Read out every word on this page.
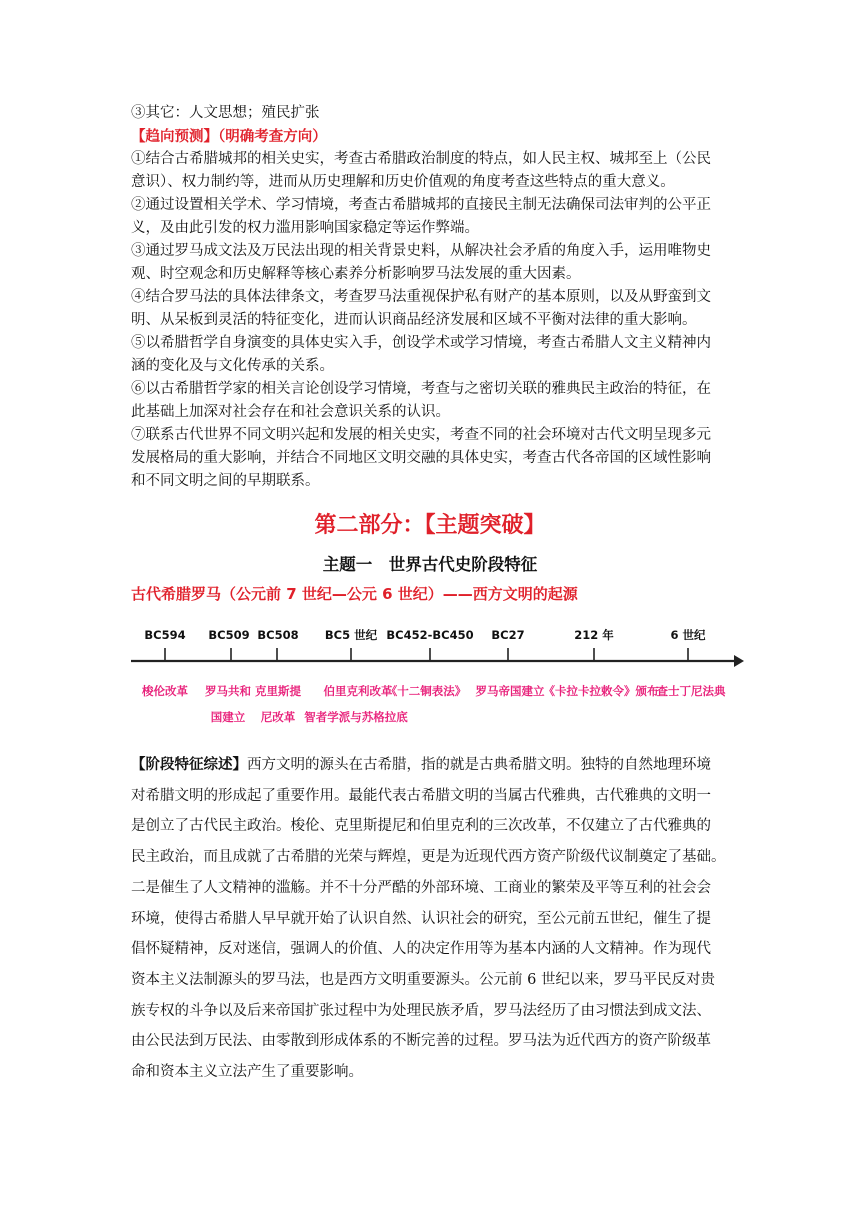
③其它：人文思想；殖民扩张

【趋向预测】（明确考查方向）

①结合古希腊城邦的相关史实，考查古希腊政治制度的特点，如人民主权、城邦至上（公民

意识）、权力制约等，进而从历史理解和历史价值观的角度考查这些特点的重大意义。

②通过设置相关学术、学习情境，考查古希腊城邦的直接民主制无法确保司法审判的公平正

义，及由此引发的权力滥用影响国家稳定等运作弊端。

③通过罗马成文法及万民法出现的相关背景史料，从解决社会矛盾的角度入手，运用唯物史

观、时空观念和历史解释等核心素养分析影响罗马法发展的重大因素。

④结合罗马法的具体法律条文，考查罗马法重视保护私有财产的基本原则，以及从野蛮到文

明、从呆板到灵活的特征变化，进而认识商品经济发展和区域不平衡对法律的重大影响。

⑤以希腊哲学自身演变的具体史实入手，创设学术或学习情境，考查古希腊人文主义精神内

涵的变化及与文化传承的关系。

⑥以古希腊哲学家的相关言论创设学习情境，考查与之密切关联的雅典民主政治的特征，在

此基础上加深对社会存在和社会意识关系的认识。

⑦联系古代世界不同文明兴起和发展的相关史实，考查不同的社会环境对古代文明呈现多元

发展格局的重大影响，并结合不同地区文明交融的具体史实，考查古代各帝国的区域性影响

和不同文明之间的早期联系。

第二部分：【主题突破】
主题一　世界古代史阶段特征
古代希腊罗马（公元前 7 世纪—公元 6 世纪）——西方文明的起源
BC594 BC509 BC508 BC5 世纪 BC452-BC450 BC27	212 年	6 世纪
梭伦改革 罗马共和
国建立
克里斯提
尼改革
伯里克利改革
智者学派与苏格拉底
《十二铜表法》 罗马帝国建立 《卡拉卡拉敕令》颁布
查士丁尼法典

【阶段特征综述】西方文明的源头在古希腊，指的就是古典希腊文明。独特的自然地理环境

对希腊文明的形成起了重要作用。最能代表古希腊文明的当属古代雅典，古代雅典的文明一

是创立了古代民主政治。梭伦、克里斯提尼和伯里克利的三次改革，不仅建立了古代雅典的

民主政治，而且成就了古希腊的光荣与辉煌，更是为近现代西方资产阶级代议制奠定了基础。

二是催生了人文精神的滥觞。并不十分严酷的外部环境、工商业的繁荣及平等互利的社会会

环境，使得古希腊人早早就开始了认识自然、认识社会的研究，至公元前五世纪，催生了提

倡怀疑精神，反对迷信，强调人的价值、人的决定作用等为基本内涵的人文精神。作为现代

资本主义法制源头的罗马法，也是西方文明重要源头。公元前 6 世纪以来，罗马平民反对贵

族专权的斗争以及后来帝国扩张过程中为处理民族矛盾，罗马法经历了由习惯法到成文法、

由公民法到万民法、由零散到形成体系的不断完善的过程。罗马法为近代西方的资产阶级革

命和资本主义立法产生了重要影响。
